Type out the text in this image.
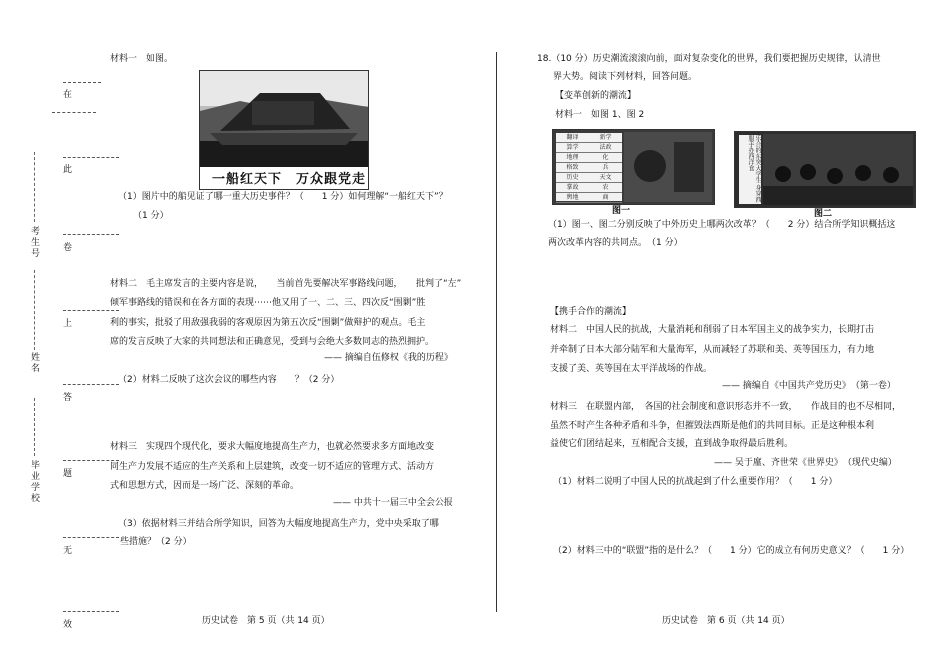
材料一　如图。
一船红天下　万众跟党走
（1）图片中的船见证了哪一重大历史事件？（　　1 分）如何理解“一船红天下”？
（1 分）
材料二　毛主席发言的主要内容是说，　　当前首先要解决军事路线问题，　　批判了“左”
倾军事路线的错误和在各方面的表现⋯⋯他又用了一、二、三、四次反“围剿”胜
利的事实，批驳了用敌强我弱的客观原因为第五次反“围剿”做辩护的观点。毛主
席的发言反映了大家的共同想法和正确意见，受到与会绝大多数同志的热烈拥护。
—— 摘编自伍修权《我的历程》
（2）材料二反映了这次会议的哪些内容　　？（2 分）
材料三　实现四个现代化，要求大幅度地提高生产力，也就必然要求多方面地改变
同生产力发展不适应的生产关系和上层建筑，改变一切不适应的管理方式、活动方
式和思想方式，因而是一场广泛、深刻的革命。
—— 中共十一届三中全会公报
（3）依据材料三并结合所学知识，回答为大幅度地提高生产力，党中央采取了哪
些措施？（2 分）
历史试卷　第 5 页（共 14 页）
在
此
卷
上
答
题
无
效
考生号
姓名
毕业学校
18.（10 分）历史潮流滚滚向前，面对复杂变化的世界，我们要把握历史规律，认清世
界大势。阅读下列材料，回答问题。
【变革创新的潮流】
材料一　如图 1、图 2
翻译	新学
算学	法政
地理	化
格致	兵
历史	天文
掌故	农
舆地	商
图一
乐合的东突大学生 身穿西服手办西洋食
图二
（1）图一、图二分别反映了中外历史上哪两次改革？（　　2 分）结合所学知识概括这
两次改革内容的共同点。　（1 分）
【携手合作的潮流】
材料二　中国人民的抗战，大量消耗和削弱了日本军国主义的战争实力，长期打击
并牵制了日本大部分陆军和大量海军，从而减轻了苏联和美、英等国压力，有力地
支援了美、英等国在太平洋战场的作战。
—— 摘编自《中国共产党历史》　（第一卷）
材料三　在联盟内部，　各国的社会制度和意识形态并不一致，　　作战目的也不尽相同，
虽然不时产生各种矛盾和斗争，但摧毁法西斯是他们的共同目标。正是这种根本利
益使它们团结起来，互相配合支援，直到战争取得最后胜利。
—— 吴于廑、齐世荣《世界史》　（现代史编）
（1）材料二说明了中国人民的抗战起到了什么重要作用？（　　1 分）
（2）材料三中的“联盟”指的是什么？（　　1 分）它的成立有何历史意义？（　　1 分）
历史试卷　第 6 页（共 14 页）
